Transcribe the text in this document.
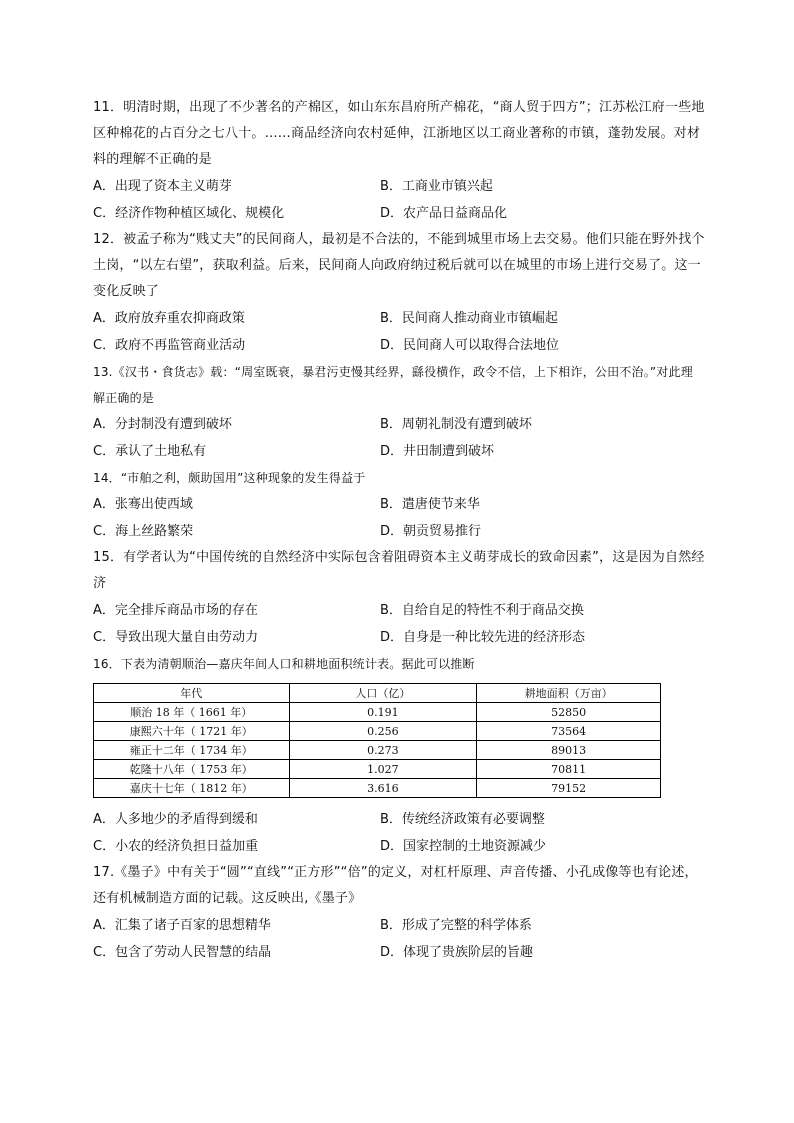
11．明清时期，出现了不少著名的产棉区，如山东东昌府所产棉花，“商人贸于四方”；江苏松江府一些地区种棉花的占百分之七八十。……商品经济向农村延伸，江浙地区以工商业著称的市镇，蓬勃发展。对材料的理解不正确的是

A．出现了资本主义萌芽	B．工商业市镇兴起
C．经济作物种植区域化、规模化	D．农产品日益商品化

12．被孟子称为“贱丈夫”的民间商人，最初是不合法的，不能到城里市场上去交易。他们只能在野外找个土岗，“以左右望”，获取利益。后来，民间商人向政府纳过税后就可以在城里的市场上进行交易了。这一变化反映了

A．政府放弃重农抑商政策	B．民间商人推动商业市镇崛起
C．政府不再监管商业活动	D．民间商人可以取得合法地位

13.《汉书・食货志》载：“周室既衰，暴君污吏慢其经界，繇役横作，政令不信，上下相诈，公田不治。”对此理解正确的是

A．分封制没有遭到破坏	B．周朝礼制没有遭到破坏
C．承认了土地私有	D．井田制遭到破坏

14．“市舶之利，颇助国用”这种现象的发生得益于

A．张骞出使西域	B．遣唐使节来华
C．海上丝路繁荣	D．朝贡贸易推行

15．有学者认为“中国传统的自然经济中实际包含着阻碍资本主义萌芽成长的致命因素”，这是因为自然经济

A．完全排斥商品市场的存在	B．自给自足的特性不利于商品交换
C．导致出现大量自由劳动力	D．自身是一种比较先进的经济形态

16．下表为清朝顺治—嘉庆年间人口和耕地面积统计表。据此可以推断

年代	人口（亿）	耕地面积（万亩）
顺治 18 年（ 1661 年）	0.191	52850
康熙六十年（ 1721 年）	0.256	73564
雍正十二年（ 1734 年）	0.273	89013
乾隆十八年（ 1753 年）	1.027	70811
嘉庆十七年（ 1812 年）	3.616	79152
A．人多地少的矛盾得到缓和	B．传统经济政策有必要调整
C．小农的经济负担日益加重	D．国家控制的土地资源减少

17.《墨子》中有关于“圆”“直线”“正方形”“倍”的定义，对杠杆原理、声音传播、小孔成像等也有论述，还有机械制造方面的记载。这反映出,《墨子》

A．汇集了诸子百家的思想精华	B．形成了完整的科学体系
C．包含了劳动人民智慧的结晶	D．体现了贵族阶层的旨趣
